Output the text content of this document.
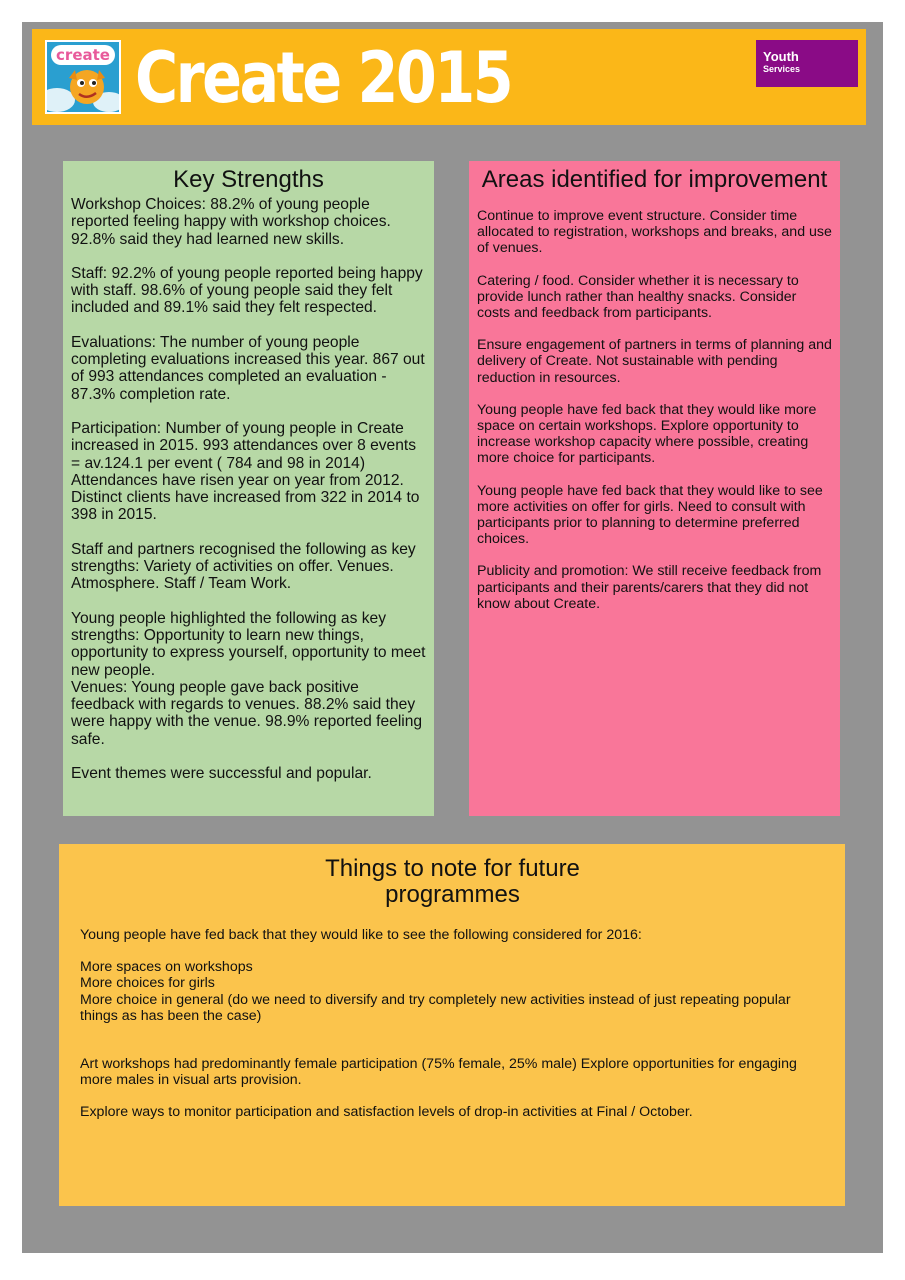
create Create 2015	Youth
Services
Key Strengths

Workshop Choices: 88.2% of young people reported feeling happy with workshop choices. 92.8% said they had learned new skills.

Staff: 92.2% of young people reported being happy with staff. 98.6% of young people said they felt included and 89.1% said they felt respected.

Evaluations: The number of young people completing evaluations increased this year. 867 out of 993 attendances completed an evaluation - 87.3% completion rate.

Participation: Number of young people in Create increased in 2015. 993 attendances over 8 events = av.124.1 per event ( 784 and 98 in 2014) Attendances have risen year on year from 2012. Distinct clients have increased from 322 in 2014 to 398 in 2015.

Staff and partners recognised the following as key strengths: Variety of activities on offer. Venues. Atmosphere. Staff / Team Work.

Young people highlighted the following as key strengths: Opportunity to learn new things, opportunity to express yourself, opportunity to meet new people.
Venues: Young people gave back positive feedback with regards to venues. 88.2% said they were happy with the venue. 98.9% reported feeling safe.

Event themes were successful and popular.

Areas identified for improvement

Continue to improve event structure. Consider time allocated to registration, workshops and breaks, and use of venues.

Catering / food. Consider whether it is necessary to provide lunch rather than healthy snacks. Consider costs and feedback from participants.

Ensure engagement of partners in terms of planning and delivery of Create. Not sustainable with pending reduction in resources.

Young people have fed back that they would like more space on certain workshops. Explore opportunity to increase workshop capacity where possible, creating more choice for participants.

Young people have fed back that they would like to see more activities on offer for girls. Need to consult with participants prior to planning to determine preferred choices.

Publicity and promotion: We still receive feedback from participants and their parents/carers that they did not know about Create.

Things to note for future programmes

Young people have fed back that they would like to see the following considered for 2016:

More spaces on workshops
More choices for girls
More choice in general (do we need to diversify and try completely new activities instead of just repeating popular things as has been the case)

Art workshops had predominantly female participation (75% female, 25% male) Explore opportunities for engaging more males in visual arts provision.

Explore ways to monitor participation and satisfaction levels of drop-in activities at Final / October.
